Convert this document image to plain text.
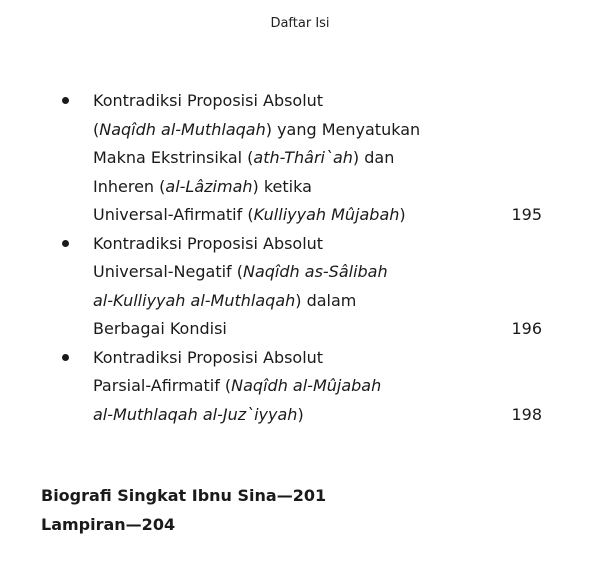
Daftar Isi
Kontradiksi Proposisi Absolut
(Naqîdh al-Muthlaqah) yang Menyatukan
Makna Ekstrinsikal (ath-Thâri`ah) dan
Inheren (al-Lâzimah) ketika
Universal-Afirmatif (Kulliyyah Mûjabah)	195
Kontradiksi Proposisi Absolut
Universal-Negatif (Naqîdh as-Sâlibah
al-Kulliyyah al-Muthlaqah) dalam
Berbagai Kondisi	196
Kontradiksi Proposisi Absolut
Parsial-Afirmatif (Naqîdh al-Mûjabah
al-Muthlaqah al-Juz`iyyah)	198
Biografi Singkat Ibnu Sina—201
Lampiran—204
